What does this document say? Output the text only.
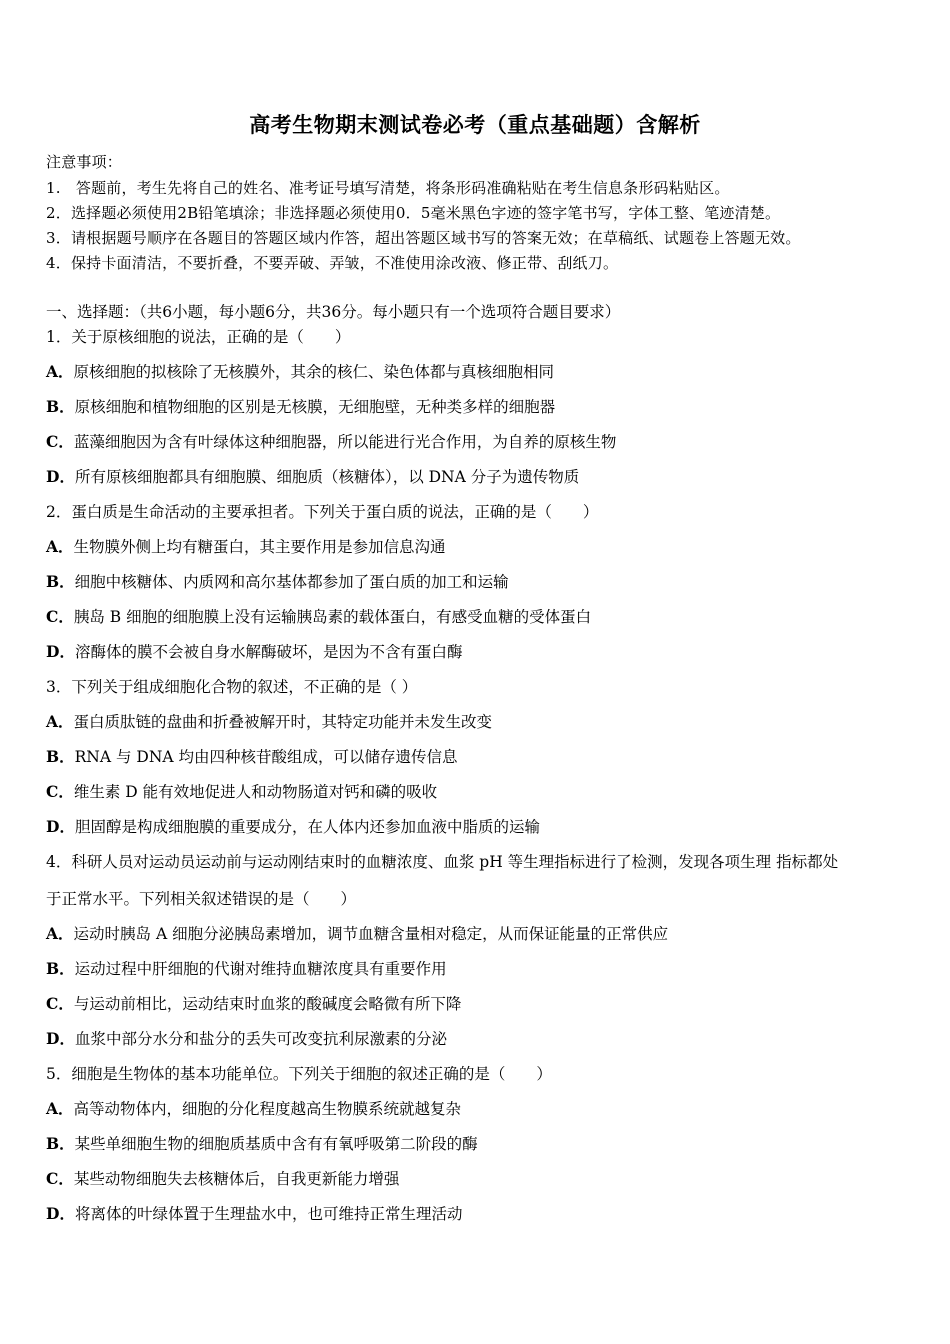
高考生物期末测试卷必考（重点基础题）含解析
注意事项：
1.　答题前，考生先将自己的姓名、准考证号填写清楚，将条形码准确粘贴在考生信息条形码粘贴区。
2．选择题必须使用2B铅笔填涂；非选择题必须使用0．5毫米黑色字迹的签字笔书写，字体工整、笔迹清楚。
3．请根据题号顺序在各题目的答题区域内作答，超出答题区域书写的答案无效；在草稿纸、试题卷上答题无效。
4．保持卡面清洁，不要折叠，不要弄破、弄皱，不准使用涂改液、修正带、刮纸刀。
一、选择题：（共6小题，每小题6分，共36分。每小题只有一个选项符合题目要求）
1．关于原核细胞的说法，正确的是（　　）
A．原核细胞的拟核除了无核膜外，其余的核仁、染色体都与真核细胞相同
B．原核细胞和植物细胞的区别是无核膜，无细胞壁，无种类多样的细胞器
C．蓝藻细胞因为含有叶绿体这种细胞器，所以能进行光合作用，为自养的原核生物
D．所有原核细胞都具有细胞膜、细胞质（核糖体），以 DNA 分子为遗传物质
2．蛋白质是生命活动的主要承担者。下列关于蛋白质的说法，正确的是（　　）
A．生物膜外侧上均有糖蛋白，其主要作用是参加信息沟通
B．细胞中核糖体、内质网和高尔基体都参加了蛋白质的加工和运输
C．胰岛 B 细胞的细胞膜上没有运输胰岛素的载体蛋白，有感受血糖的受体蛋白
D．溶酶体的膜不会被自身水解酶破坏，是因为不含有蛋白酶
3．下列关于组成细胞化合物的叙述，不正确的是（ ）
A．蛋白质肽链的盘曲和折叠被解开时，其特定功能并未发生改变
B．RNA 与 DNA 均由四种核苷酸组成，可以储存遗传信息
C．维生素 D 能有效地促进人和动物肠道对钙和磷的吸收
D．胆固醇是构成细胞膜的重要成分，在人体内还参加血液中脂质的运输
4．科研人员对运动员运动前与运动刚结束时的血糖浓度、血浆 pH 等生理指标进行了检测，发现各项生理 指标都处
于正常水平。下列相关叙述错误的是（　　）
A．运动时胰岛 A 细胞分泌胰岛素增加，调节血糖含量相对稳定，从而保证能量的正常供应
B．运动过程中肝细胞的代谢对维持血糖浓度具有重要作用
C．与运动前相比，运动结束时血浆的酸碱度会略微有所下降
D．血浆中部分水分和盐分的丢失可改变抗利尿激素的分泌
5．细胞是生物体的基本功能单位。下列关于细胞的叙述正确的是（　　）
A．高等动物体内，细胞的分化程度越高生物膜系统就越复杂
B．某些单细胞生物的细胞质基质中含有有氧呼吸第二阶段的酶
C．某些动物细胞失去核糖体后，自我更新能力增强
D．将离体的叶绿体置于生理盐水中，也可维持正常生理活动
